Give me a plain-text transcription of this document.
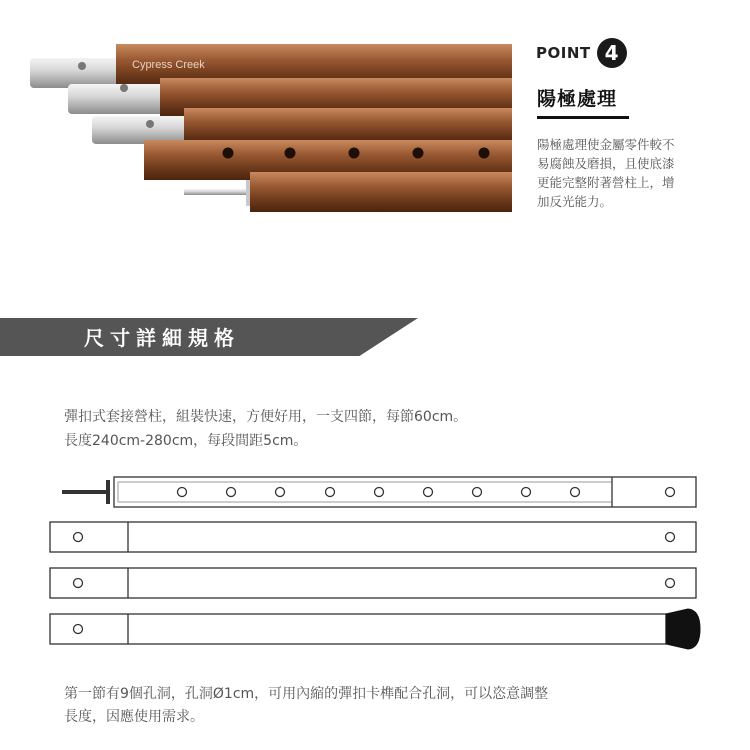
Cypress Creek
POINT 4
陽極處理
陽極處理使金屬零件較不
易腐蝕及磨損，且使底漆
更能完整附著營柱上，增
加反光能力。
尺寸詳細規格
彈扣式套接營柱，組裝快速，方便好用，一支四節，每節60cm。
長度240cm-280cm，每段間距5cm。
第一節有9個孔洞，孔洞Ø1cm，可用內縮的彈扣卡榫配合孔洞，可以恣意調整
長度，因應使用需求。
